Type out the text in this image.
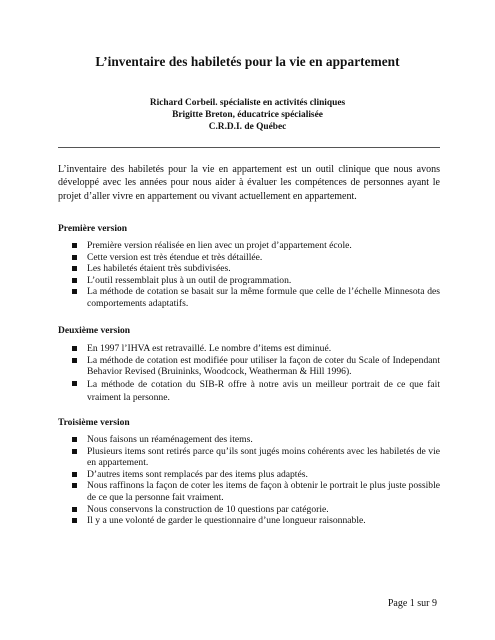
L’inventaire des habiletés pour la vie en appartement
Richard Corbeil. spécialiste en activités cliniques
Brigitte Breton, éducatrice spécialisée
C.R.D.I. de Québec
L’inventaire des habiletés pour la vie en appartement est un outil clinique que nous avons développé avec les années pour nous aider à évaluer les compétences de personnes ayant le projet d’aller vivre en appartement ou vivant actuellement en appartement.
Première version
Première version réalisée en lien avec un projet d’appartement école.
Cette version est très étendue et très détaillée.
Les habiletés étaient très subdivisées.
L’outil ressemblait plus à un outil de programmation.
La méthode de cotation se basait sur la même formule que celle de l’échelle Minnesota des comportements adaptatifs.
Deuxième version
En 1997 l’IHVA est retravaillé. Le nombre d’items est diminué.
La méthode de cotation est modifiée pour utiliser la façon de coter du Scale of Independant Behavior Revised (Bruininks, Woodcock, Weatherman & Hill 1996).
La méthode de cotation du SIB-R offre à notre avis un meilleur portrait de ce que fait vraiment la personne.
Troisième version
Nous faisons un réaménagement des items.
Plusieurs items sont retirés parce qu’ils sont jugés moins cohérents avec les habiletés de vie en appartement.
D’autres items sont remplacés par des items plus adaptés.
Nous raffinons la façon de coter les items de façon à obtenir le portrait le plus juste possible de ce que la personne fait vraiment.
Nous conservons la construction de 10 questions par catégorie.
Il y a une volonté de garder le questionnaire d’une longueur raisonnable.
Page 1 sur 9
